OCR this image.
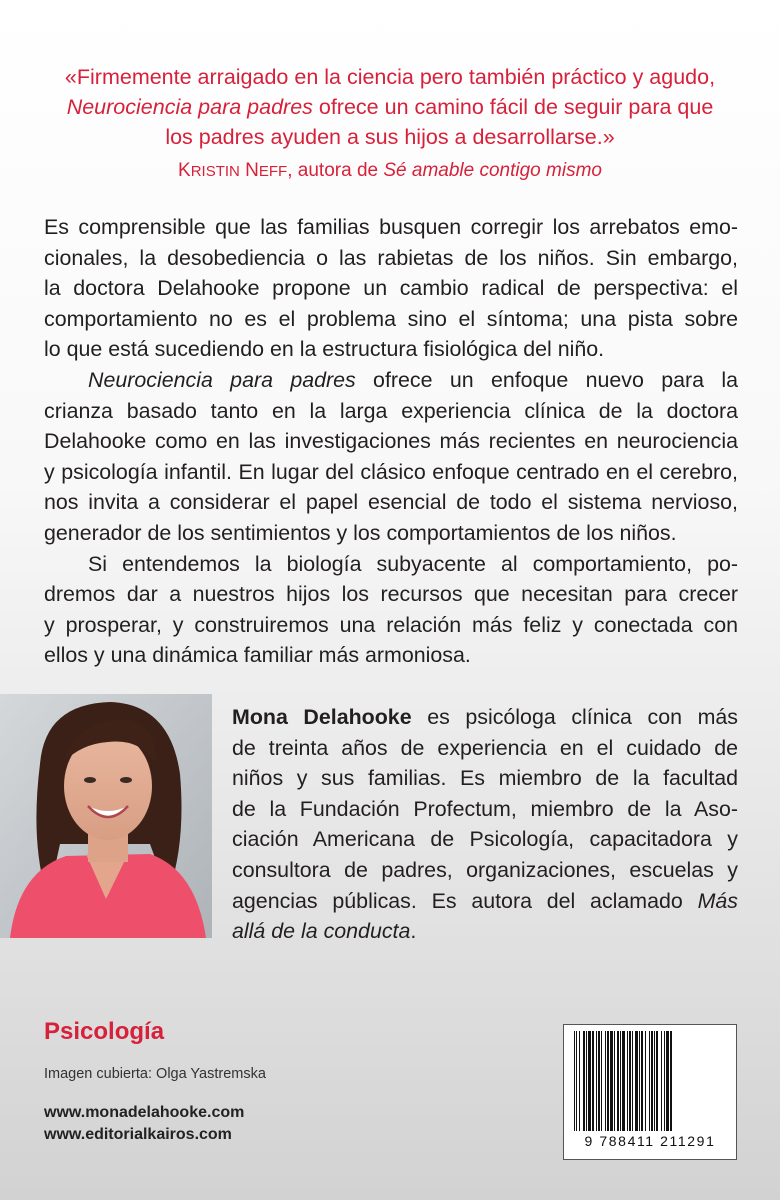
«Firmemente arraigado en la ciencia pero también práctico y agudo,
Neurociencia para padres ofrece un camino fácil de seguir para que
los padres ayuden a sus hijos a desarrollarse.»
KRISTIN NEFF, autora de Sé amable contigo mismo
Es comprensible que las familias busquen corregir los arrebatos emo-
cionales, la desobediencia o las rabietas de los niños. Sin embargo,
la doctora Delahooke propone un cambio radical de perspectiva: el
comportamiento no es el problema sino el síntoma; una pista sobre
lo que está sucediendo en la estructura fisiológica del niño.
Neurociencia para padres ofrece un enfoque nuevo para la
crianza basado tanto en la larga experiencia clínica de la doctora
Delahooke como en las investigaciones más recientes en neurociencia
y psicología infantil. En lugar del clásico enfoque centrado en el cerebro,
nos invita a considerar el papel esencial de todo el sistema nervioso,
generador de los sentimientos y los comportamientos de los niños.
Si entendemos la biología subyacente al comportamiento, po-
dremos dar a nuestros hijos los recursos que necesitan para crecer
y prosperar, y construiremos una relación más feliz y conectada con
ellos y una dinámica familiar más armoniosa.
Mona Delahooke es psicóloga clínica con más
de treinta años de experiencia en el cuidado de
niños y sus familias. Es miembro de la facultad
de la Fundación Profectum, miembro de la Aso-
ciación Americana de Psicología, capacitadora y
consultora de padres, organizaciones, escuelas y
agencias públicas. Es autora del aclamado Más
allá de la conducta.
Psicología
Imagen cubierta: Olga Yastremska
www.monadelahooke.com
www.editorialkairos.com	9 788411 211291
